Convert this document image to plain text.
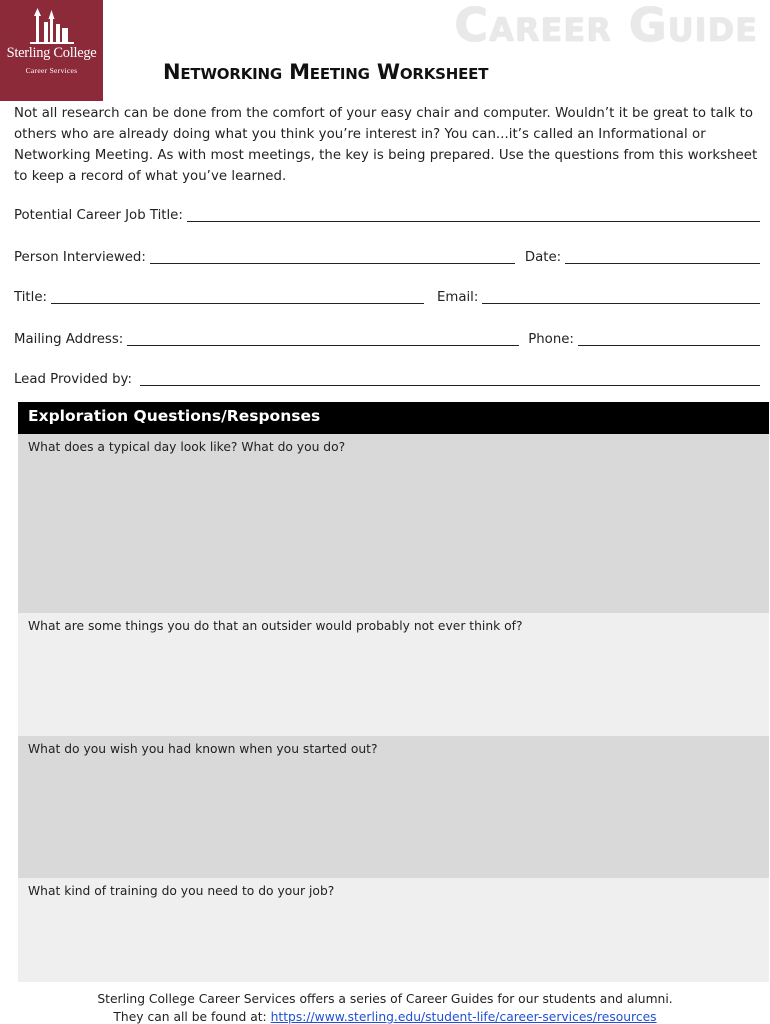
Sterling College
Career Services
Career Guide
Networking Meeting Worksheet
Not all research can be done from the comfort of your easy chair and computer. Wouldn’t it be great to talk to others who are already doing what you think you’re interest in? You can...it’s called an Informational or Networking Meeting. As with most meetings, the key is being prepared. Use the questions from this worksheet to keep a record of what you’ve learned.
Potential Career Job Title:
Person Interviewed:	Date:
Title:	Email:
Mailing Address:	Phone:
Lead Provided by:
Exploration Questions/Responses
What does a typical day look like? What do you do?
What are some things you do that an outsider would probably not ever think of?
What do you wish you had known when you started out?
What kind of training do you need to do your job?
Sterling College Career Services offers a series of Career Guides for our students and alumni.
They can all be found at: https://www.sterling.edu/student-life/career-services/resources
